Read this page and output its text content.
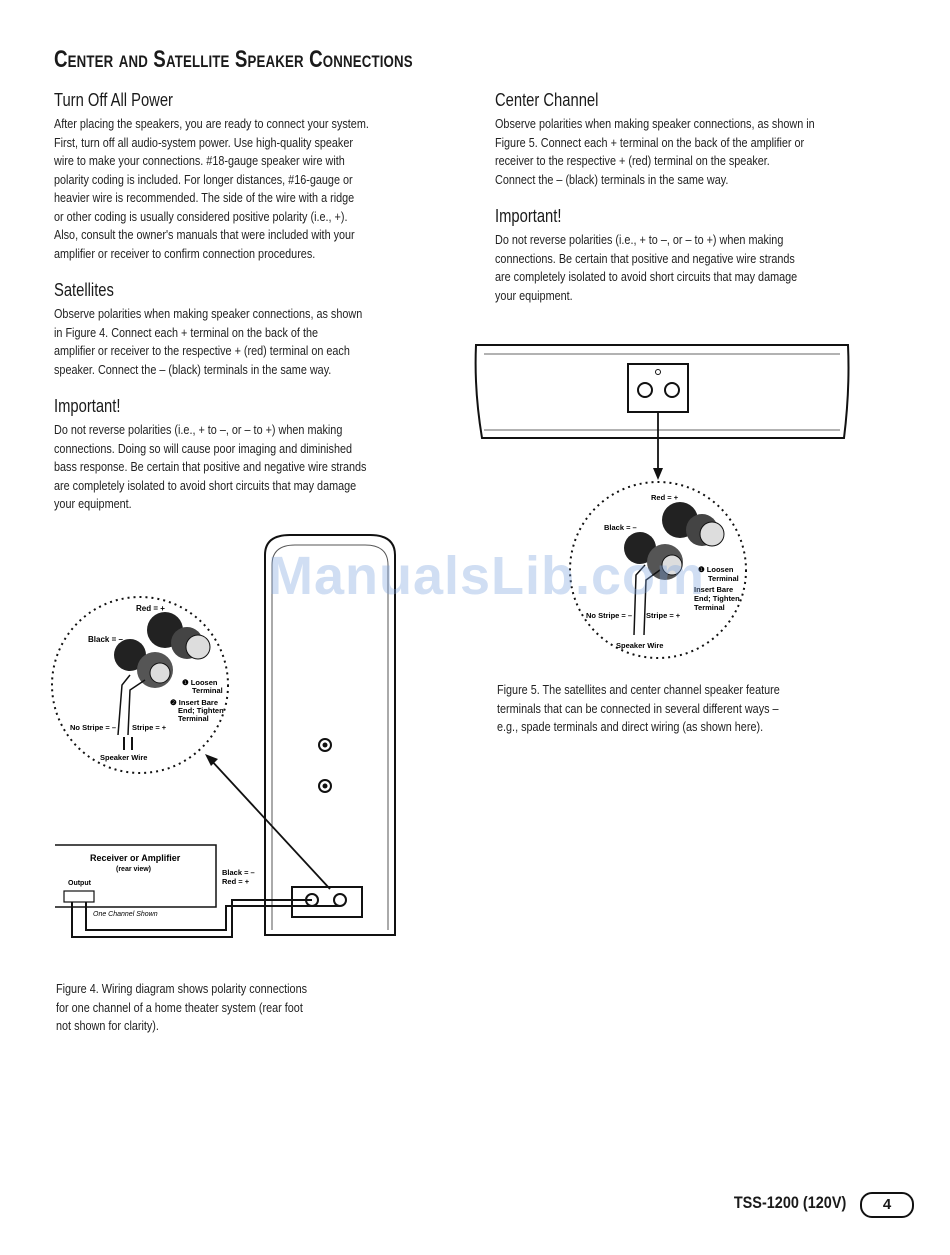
Center and Satellite Speaker Connections
Turn Off All Power
After placing the speakers, you are ready to connect your system.
First, turn off all audio-system power. Use high-quality speaker
wire to make your connections. #18-gauge speaker wire with
polarity coding is included. For longer distances, #16-gauge or
heavier wire is recommended. The side of the wire with a ridge
or other coding is usually considered positive polarity (i.e., +).
Also, consult the owner's manuals that were included with your
amplifier or receiver to confirm connection procedures.
Satellites
Observe polarities when making speaker connections, as shown
in Figure 4. Connect each + terminal on the back of the
amplifier or receiver to the respective + (red) terminal on each
speaker. Connect the – (black) terminals in the same way.
Important!
Do not reverse polarities (i.e., + to –, or – to +) when making
connections. Doing so will cause poor imaging and diminished
bass response. Be certain that positive and negative wire strands
are completely isolated to avoid short circuits that may damage
your equipment.
Center Channel
Observe polarities when making speaker connections, as shown in
Figure 5. Connect each + terminal on the back of the amplifier or
receiver to the respective + (red) terminal on the speaker.
Connect the – (black) terminals in the same way.
Important!
Do not reverse polarities (i.e., + to –, or – to +) when making
connections. Be certain that positive and negative wire strands
are completely isolated to avoid short circuits that may damage
your equipment.
Red = +
Black = –
❶ Loosen
Terminal
❷ Insert Bare
End; Tighten
Terminal
No Stripe = – Stripe = +
Speaker Wire
Receiver or Amplifier
(rear view)
Output
One Channel Shown
Black = –
Red = +
Figure 4. Wiring diagram shows polarity connections
for one channel of a home theater system (rear foot
not shown for clarity).
Red = +
Black = –
❶ Loosen
Terminal
Insert Bare
End; Tighten
Terminal
No Stripe = – Stripe = +
Speaker Wire
Figure 5. The satellites and center channel speaker feature
terminals that can be connected in several different ways –
e.g., spade terminals and direct wiring (as shown here).
ManualsLib.com
TSS-1200 (120V)	4
